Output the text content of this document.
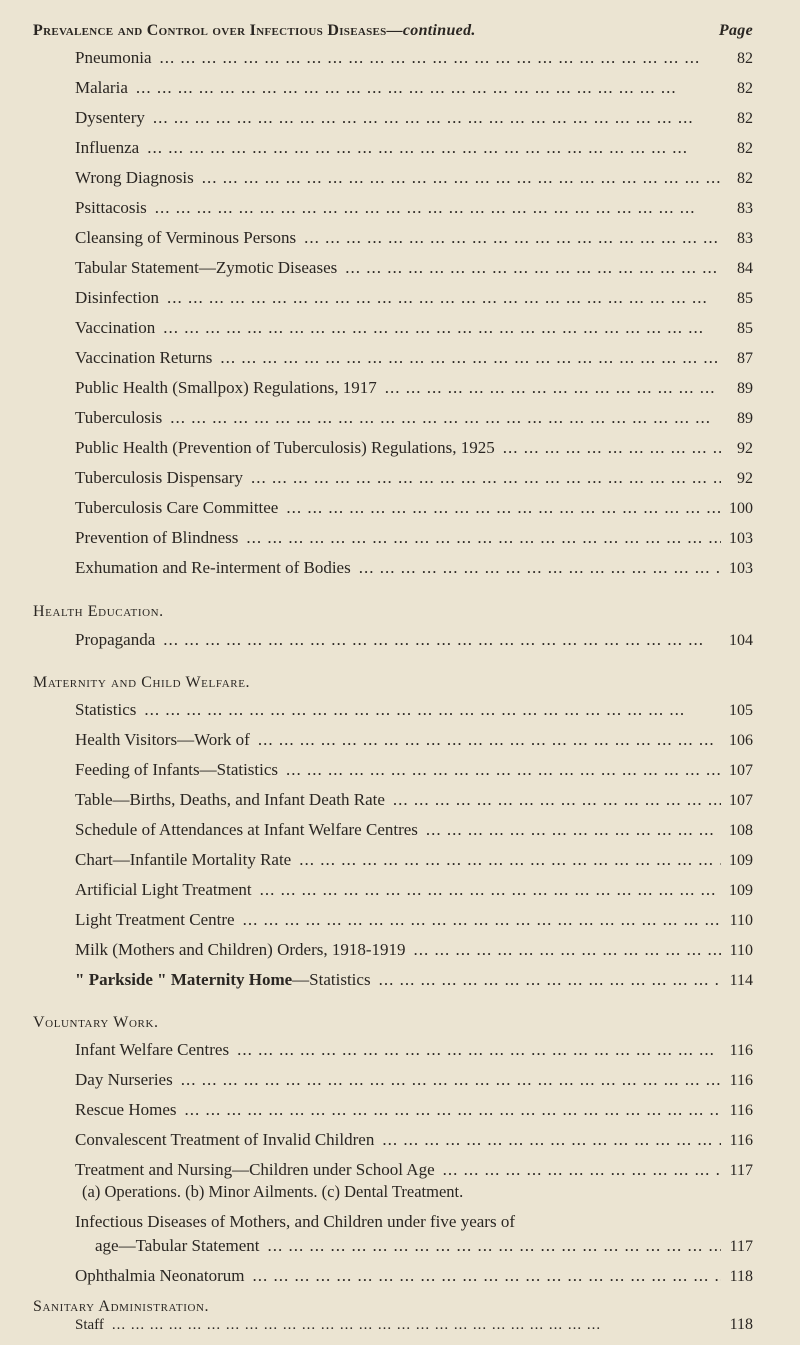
Prevalence and Control over Infectious Diseases—continued.	Page
Pneumonia ... .	82
Malaria ... .	82
Dysentery ... .	82
Influenza ... .	82
Wrong Diagnosis ... .	82
Psittacosis ... .	83
Cleansing of Verminous Persons ... .	83
Tabular Statement—Zymotic Diseases ... .	84
Disinfection ... .	85
Vaccination ... .	85
Vaccination Returns ... .	87
Public Health (Smallpox) Regulations, 1917 ... .	89
Tuberculosis ... .	89
Public Health (Prevention of Tuberculosis) Regulations, 1925 ... .	92
Tuberculosis Dispensary ... .	92
Tuberculosis Care Committee ... .	100
Prevention of Blindness ... .	103
Exhumation and Re-interment of Bodies ... .	103
Health Education.
Propaganda ... .	104
Maternity and Child Welfare.
Statistics ... .	105
Health Visitors—Work of ... .	106
Feeding of Infants—Statistics ... .	107
Table—Births, Deaths, and Infant Death Rate ... .	107
Schedule of Attendances at Infant Welfare Centres ... .	108
Chart—Infantile Mortality Rate ... .	109
Artificial Light Treatment ... .	109
Light Treatment Centre ... .	110
Milk (Mothers and Children) Orders, 1918-1919 ... .	110
" Parkside " Maternity Home—Statistics ... .	114
Voluntary Work.
Infant Welfare Centres ... .	116
Day Nurseries ... .	116
Rescue Homes ... .	116
Convalescent Treatment of Invalid Children ... .	116
Treatment and Nursing—Children under School Age ... .	117
(a) Operations. (b) Minor Ailments. (c) Dental Treatment.
Infectious Diseases of Mothers, and Children under five years of
age—Tabular Statement ... .	117
Ophthalmia Neonatorum ... .	118
Sanitary Administration.
Staff ... .	118
